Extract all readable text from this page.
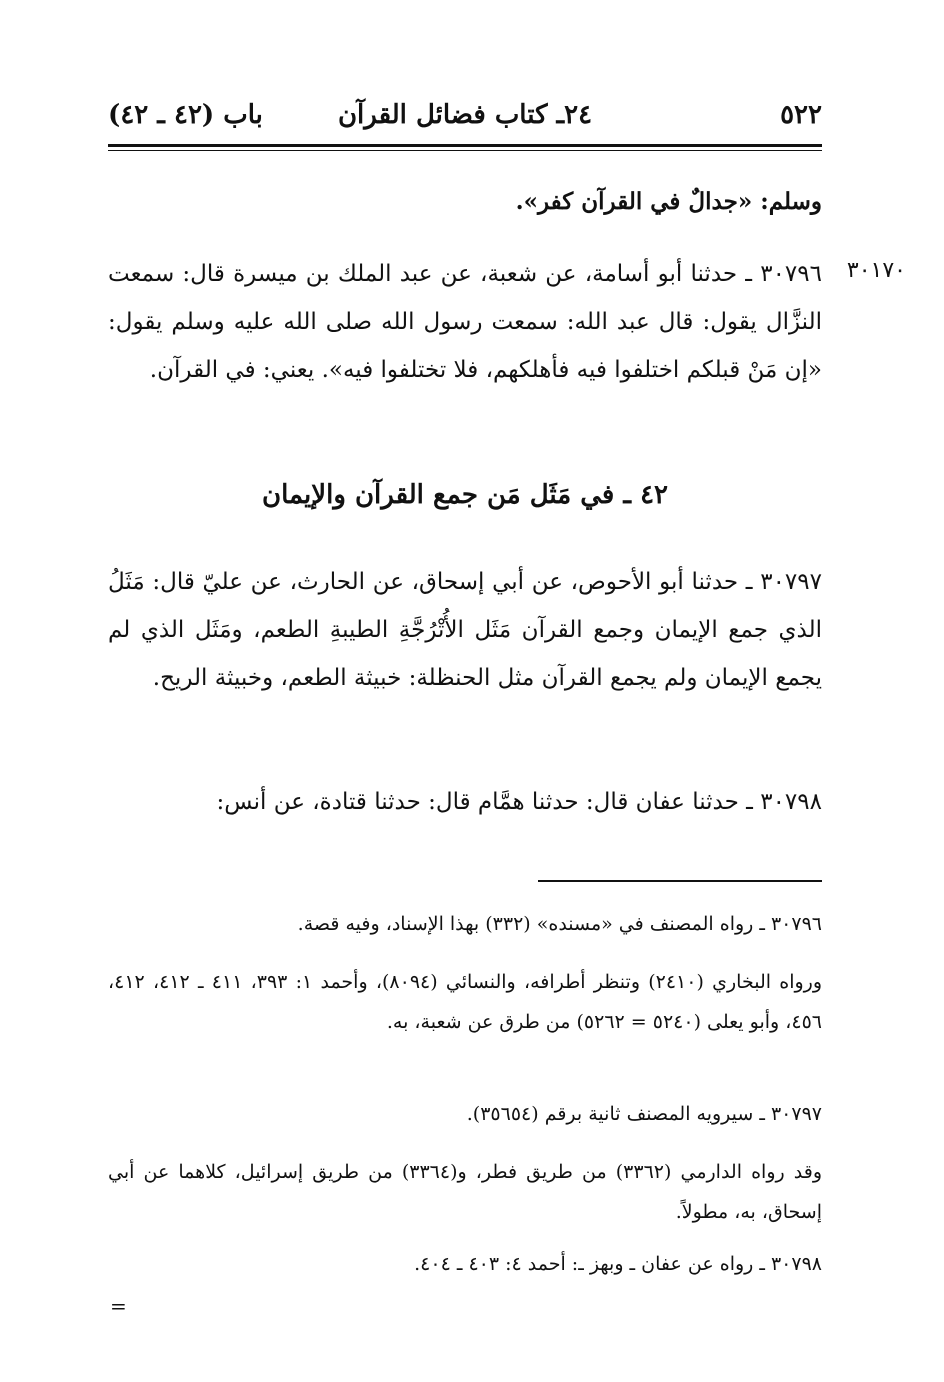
٥٢٢
٢٤ـ كتاب فضائل القرآن
باب (٤٢ ـ ٤٢)
وسلم: «جدالٌ في القرآن كفر».
٣٠١٧٠
٣٠٧٩٦ ـ حدثنا أبو أسامة، عن شعبة، عن عبد الملك بن ميسرة قال: سمعت النزَّال يقول: قال عبد الله: سمعت رسول الله صلى الله عليه وسلم يقول: «إن مَنْ قبلكم اختلفوا فيه فأهلكهم، فلا تختلفوا فيه». يعني: في القرآن.
٤٢ ـ في مَثَل مَن جمع القرآن والإيمان
٣٠٧٩٧ ـ حدثنا أبو الأحوص، عن أبي إسحاق، عن الحارث، عن عليّ قال: مَثَلُ الذي جمع الإيمان وجمع القرآن مَثَل الأُتْرُجَّةِ الطيبةِ الطعم، ومَثَل الذي لم يجمع الإيمان ولم يجمع القرآن مثل الحنظلة: خبيثة الطعم، وخبيثة الريح.
٣٠٧٩٨ ـ حدثنا عفان قال: حدثنا همَّام قال: حدثنا قتادة، عن أنس:
٣٠٧٩٦ ـ رواه المصنف في «مسنده» (٣٣٢) بهذا الإسناد، وفيه قصة.
ورواه البخاري (٢٤١٠) وتنظر أطرافه، والنسائي (٨٠٩٤)، وأحمد ١: ٣٩٣، ٤١١ ـ ٤١٢، ٤١٢، ٤٥٦، وأبو يعلى (٥٢٤٠ = ٥٢٦٢) من طرق عن شعبة، به.
٣٠٧٩٧ ـ سيرويه المصنف ثانية برقم (٣٥٦٥٤).
وقد رواه الدارمي (٣٣٦٢) من طريق فطر، و(٣٣٦٤) من طريق إسرائيل، كلاهما عن أبي إسحاق، به، مطولاً.
٣٠٧٩٨ ـ رواه عن عفان ـ وبهز ـ: أحمد ٤: ٤٠٣ ـ ٤٠٤.
=
